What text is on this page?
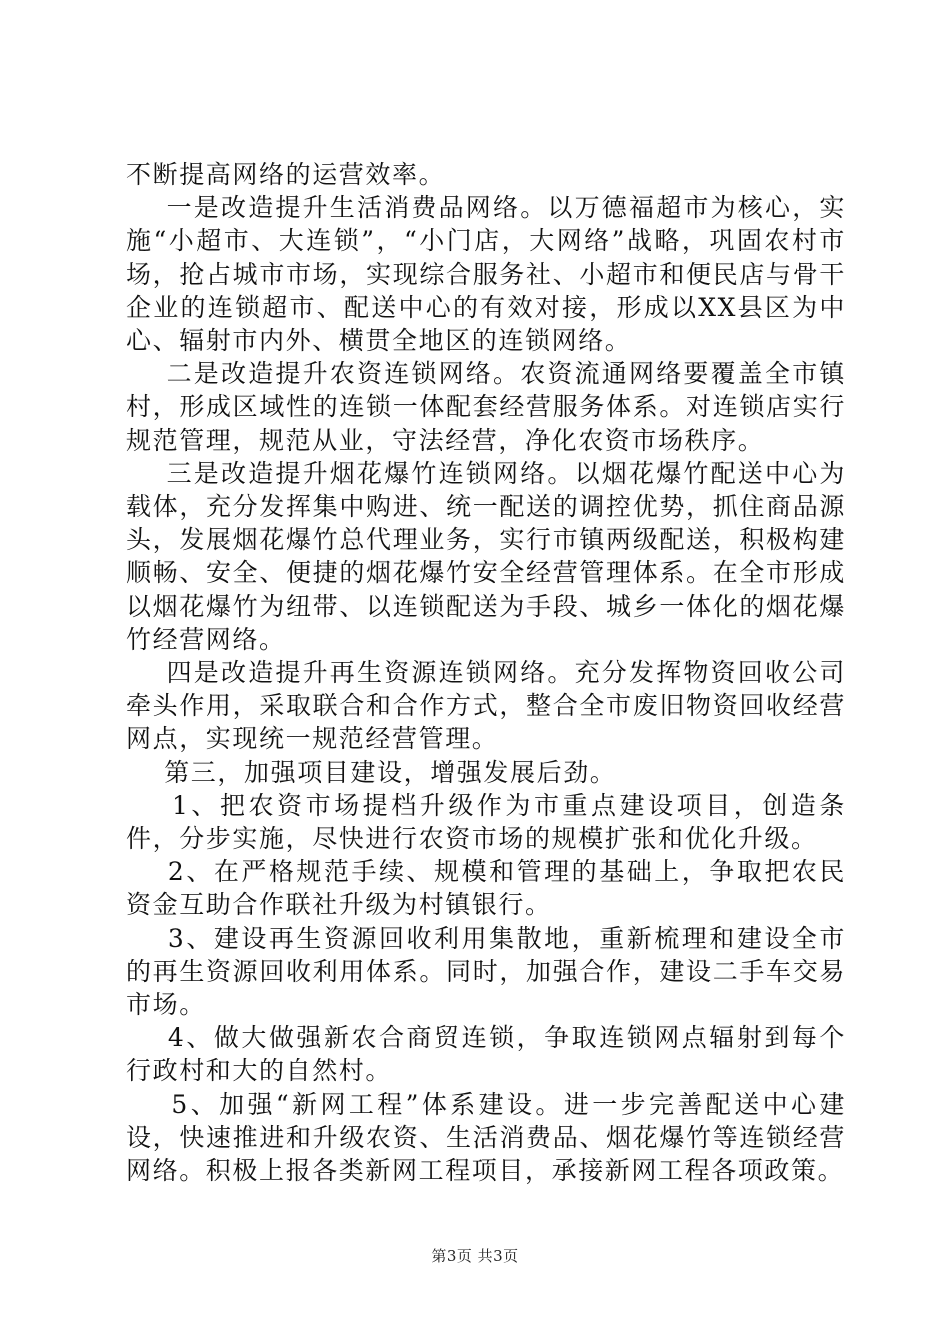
不断提高网络的运营效率。

一是改造提升生活消费品网络。以万德福超市为核心，实施“小超市、大连锁”，“小门店，大网络”战略，巩固农村市场，抢占城市市场，实现综合服务社、小超市和便民店与骨干企业的连锁超市、配送中心的有效对接，形成以XX县区为中心、辐射市内外、横贯全地区的连锁网络。

二是改造提升农资连锁网络。农资流通网络要覆盖全市镇村，形成区域性的连锁一体配套经营服务体系。对连锁店实行规范管理，规范从业，守法经营，净化农资市场秩序。

三是改造提升烟花爆竹连锁网络。以烟花爆竹配送中心为载体，充分发挥集中购进、统一配送的调控优势，抓住商品源头，发展烟花爆竹总代理业务，实行市镇两级配送，积极构建顺畅、安全、便捷的烟花爆竹安全经营管理体系。在全市形成以烟花爆竹为纽带、以连锁配送为手段、城乡一体化的烟花爆竹经营网络。

四是改造提升再生资源连锁网络。充分发挥物资回收公司牵头作用，采取联合和合作方式，整合全市废旧物资回收经营网点，实现统一规范经营管理。

第三，加强项目建设，增强发展后劲。

1、把农资市场提档升级作为市重点建设项目，创造条件，分步实施，尽快进行农资市场的规模扩张和优化升级。

2、在严格规范手续、规模和管理的基础上，争取把农民资金互助合作联社升级为村镇银行。

3、建设再生资源回收利用集散地，重新梳理和建设全市的再生资源回收利用体系。同时，加强合作，建设二手车交易市场。

4、做大做强新农合商贸连锁，争取连锁网点辐射到每个行政村和大的自然村。

5、加强“新网工程”体系建设。进一步完善配送中心建设，快速推进和升级农资、生活消费品、烟花爆竹等连锁经营网络。积极上报各类新网工程项目，承接新网工程各项政策。

第3页 共3页
